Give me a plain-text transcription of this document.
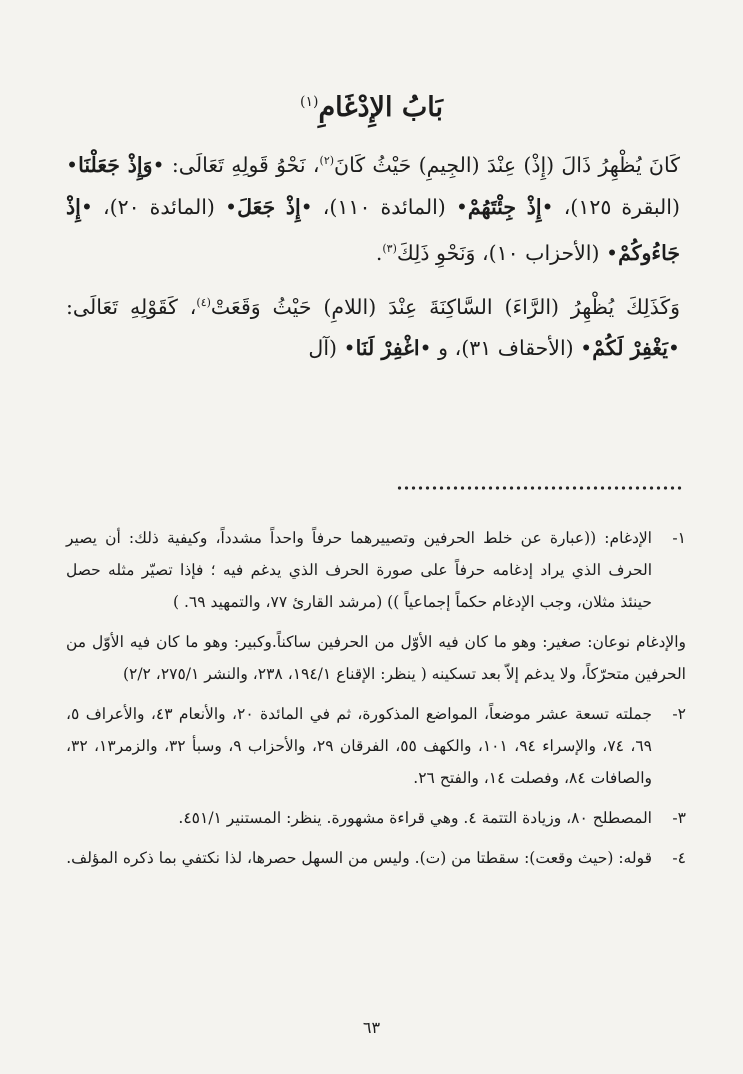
بَابُ الإِدْغَامِ$^{(١)}$

كَانَ يُظْهِرُ ذَالَ (إِذْ) عِنْدَ (الجِيمِ) حَيْثُ كَانَ$^{(٢)}$، نَحْوُ قَولِهِ تَعَالَى: •وَإِذْ جَعَلْنَا• (البقرة ١٢٥)، •إِذْ جِئْتَهُمْ• (المائدة ١١٠)، •إِذْ جَعَلَ• (المائدة ٢٠)، •إِذْ جَاءُوكُمْ• (الأحزاب ١٠)، وَنَحْوِ ذَلِكَ$^{(٣)}$.

وَكَذَلِكَ يُظْهِرُ (الرَّاءَ) السَّاكِنَةَ عِنْدَ (اللامِ) حَيْثُ وَقَعَتْ$^{(٤)}$، كَقَوْلِهِ تَعَالَى: •يَغْفِرْ لَكُمْ• (الأحقاف ٣١)، و •اغْفِرْ لَنَا• (آل

١-
الإدغام: ((عبارة عن خلط الحرفين وتصييرهما حرفاً واحداً مشدداً، وكيفية ذلك: أن يصير الحرف الذي يراد إدغامه حرفاً على صورة الحرف الذي يدغم فيه ؛ فإذا تصيّر مثله حصل حينئذ مثلان، وجب الإدغام حكماً إجماعياً )) (مرشد القارئ ٧٧، والتمهيد ٦٩. )
والإدغام نوعان: صغير: وهو ما كان فيه الأوّل من الحرفين ساكناً.وكبير: وهو ما كان فيه الأوّل من الحرفين متحرّكاً، ولا يدغم إلاّ بعد تسكينه ( ينظر: الإقناع ١٩٤/١، ٢٣٨، والنشر ٢٧٥/١، ٢/٢)
٢-
جملته تسعة عشر موضعاً، المواضع المذكورة، ثم في المائدة ٢٠، والأنعام ٤٣، والأعراف ٥، ٦٩، ٧٤، والإسراء ٩٤، ١٠١، والكهف ٥٥، الفرقان ٢٩، والأحزاب ٩، وسبأ ٣٢، والزمر١٣، ٣٢، والصافات ٨٤، وفصلت ١٤، والفتح ٢٦.
٣-
المصطلح ٨٠، وزيادة التتمة ٤. وهي قراءة مشهورة. ينظر: المستنير ٤٥١/١.
٤-
قوله: (حيث وقعت): سقطتا من (ت). وليس من السهل حصرها، لذا نكتفي بما ذكره المؤلف.
٦٣
